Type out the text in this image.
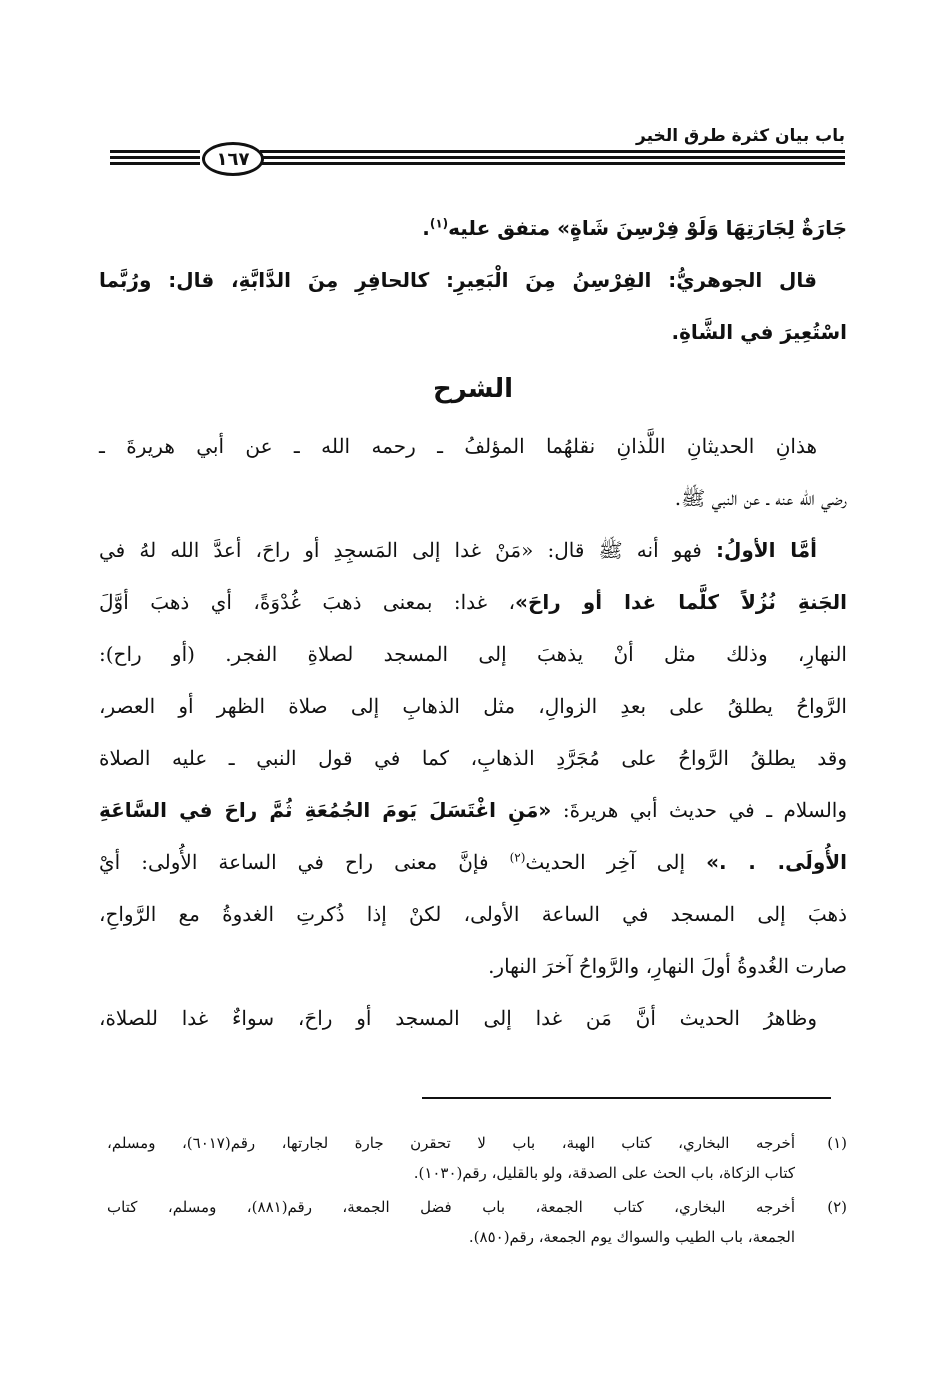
باب بيان كثرة طرق الخير
١٦٧
جَارَةٌ لِجَارَتِهَا وَلَوْ فِرْسِنَ شَاةٍ» متفق عليه$^{(١)}$.
قال الجوهريُّ: الفِرْسِنُ مِنَ الْبَعِيرِ: كالحافِرِ مِنَ الدَّابَّةِ، قال: ورُبَّما
اسْتُعِيرَ في الشَّاةِ.
الشرح
هذانِ الحديثانِ اللَّذانِ نقلهُما المؤلفُ ـ رحمه الله ـ عن أبي هريرةَ ـ
رضي الله عنه ـ عن النبي ﷺ.
أمَّا الأولُ: فهو أنه ﷺ قال: «مَنْ غدا إلى المَسجِدِ أو راحَ، أعدَّ الله لهُ في
الجَنةِ نُزُلاً كلَّما غدا أو راحَ»، غدا: بمعنى ذهبَ غُدْوَةً، أي ذهبَ أوَّلَ
النهارِ، وذلك مثل أنْ يذهبَ إلى المسجد لصلاةِ الفجر. (أو راح):
الرَّواحُ يطلقُ على بعدِ الزوالِ، مثل الذهابِ إلى صلاة الظهر أو العصر،
وقد يطلقُ الرَّواحُ على مُجَرَّدِ الذهابِ، كما في قول النبي ـ عليه الصلاة
والسلام ـ في حديث أبي هريرةَ: «مَنِ اغْتَسَلَ يَومَ الجُمُعَةِ ثُمَّ راحَ في السَّاعَةِ
الأُولَى. . .» إلى آخِر الحديث$^{(٢)}$ فإنَّ معنى راح في الساعة الأُولى: أيْ
ذهبَ إلى المسجد في الساعة الأولى، لكنْ إذا ذُكرتِ الغدوةُ مع الرَّواحِ،
صارت الغُدوةُ أولَ النهارِ، والرَّواحُ آخرَ النهار.
وظاهرُ الحديث أنَّ مَن غدا إلى المسجد أو راحَ، سواءٌ غدا للصلاة،
(١)
أخرجه البخاري، كتاب الهبة، باب لا تحقرن جارة لجارتها، رقم(٦٠١٧)، ومسلم،
كتاب الزكاة، باب الحث على الصدقة، ولو بالقليل، رقم(١٠٣٠).
(٢)
أخرجه البخاري، كتاب الجمعة، باب فضل الجمعة، رقم(٨٨١)، ومسلم، كتاب
الجمعة، باب الطيب والسواك يوم الجمعة، رقم(٨٥٠).
